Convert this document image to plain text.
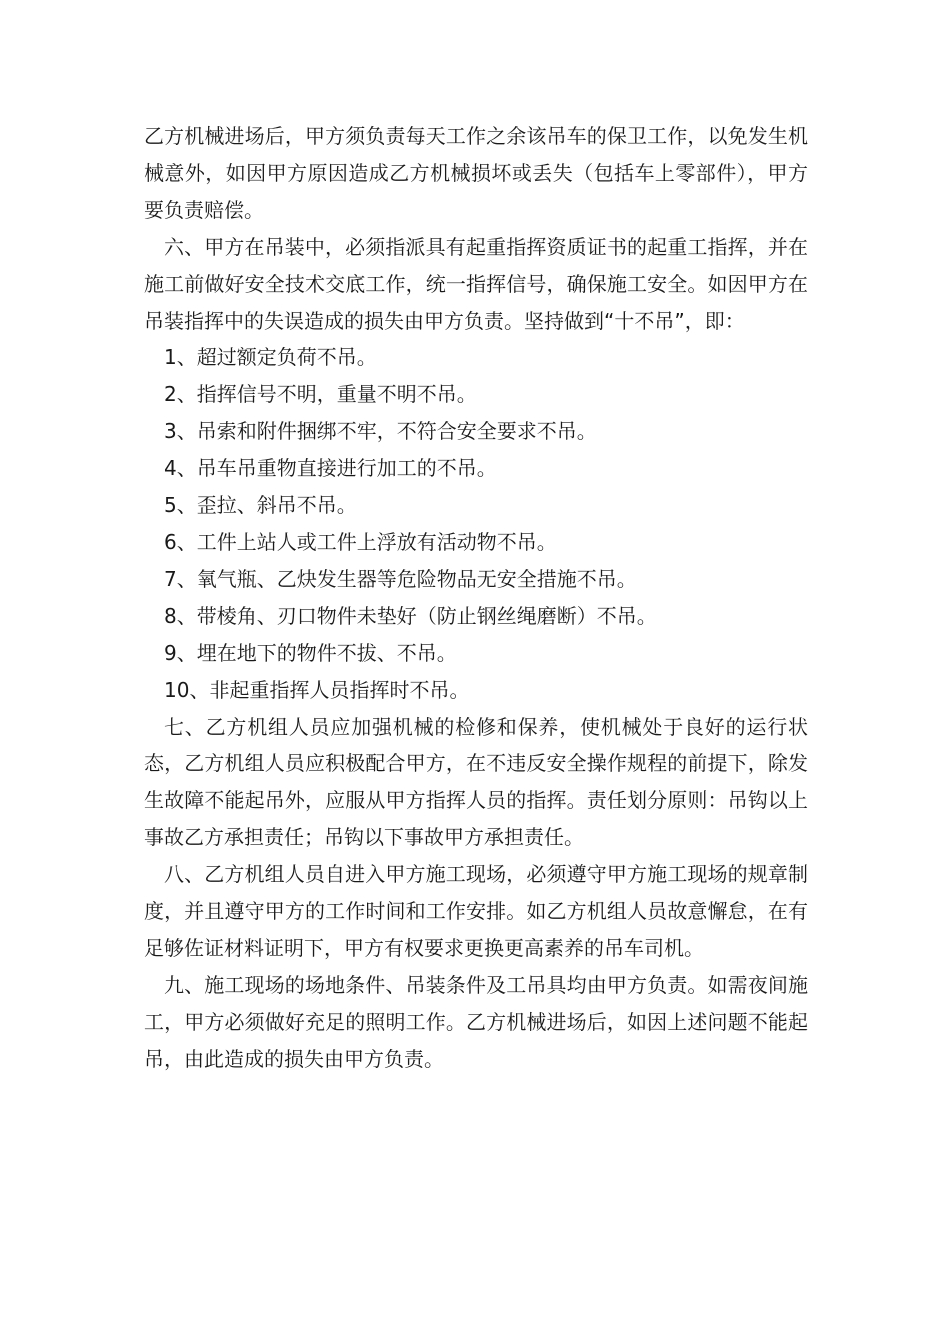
乙方机械进场后，甲方须负责每天工作之余该吊车的保卫工作，以免发生机械意外，如因甲方原因造成乙方机械损坏或丢失（包括车上零部件），甲方要负责赔偿。

六、甲方在吊装中，必须指派具有起重指挥资质证书的起重工指挥，并在施工前做好安全技术交底工作，统一指挥信号，确保施工安全。如因甲方在吊装指挥中的失误造成的损失由甲方负责。坚持做到“十不吊”，即：

1、超过额定负荷不吊。

2、指挥信号不明，重量不明不吊。

3、吊索和附件捆绑不牢，不符合安全要求不吊。

4、吊车吊重物直接进行加工的不吊。

5、歪拉、斜吊不吊。

6、工件上站人或工件上浮放有活动物不吊。

7、氧气瓶、乙炔发生器等危险物品无安全措施不吊。

8、带棱角、刃口物件未垫好（防止钢丝绳磨断）不吊。

9、埋在地下的物件不拔、不吊。

10、非起重指挥人员指挥时不吊。

七、乙方机组人员应加强机械的检修和保养，使机械处于良好的运行状态，乙方机组人员应积极配合甲方，在不违反安全操作规程的前提下，除发生故障不能起吊外，应服从甲方指挥人员的指挥。责任划分原则：吊钩以上事故乙方承担责任；吊钩以下事故甲方承担责任。

八、乙方机组人员自进入甲方施工现场，必须遵守甲方施工现场的规章制度，并且遵守甲方的工作时间和工作安排。如乙方机组人员故意懈怠，在有足够佐证材料证明下，甲方有权要求更换更高素养的吊车司机。

九、施工现场的场地条件、吊装条件及工吊具均由甲方负责。如需夜间施工，甲方必须做好充足的照明工作。乙方机械进场后，如因上述问题不能起吊，由此造成的损失由甲方负责。
